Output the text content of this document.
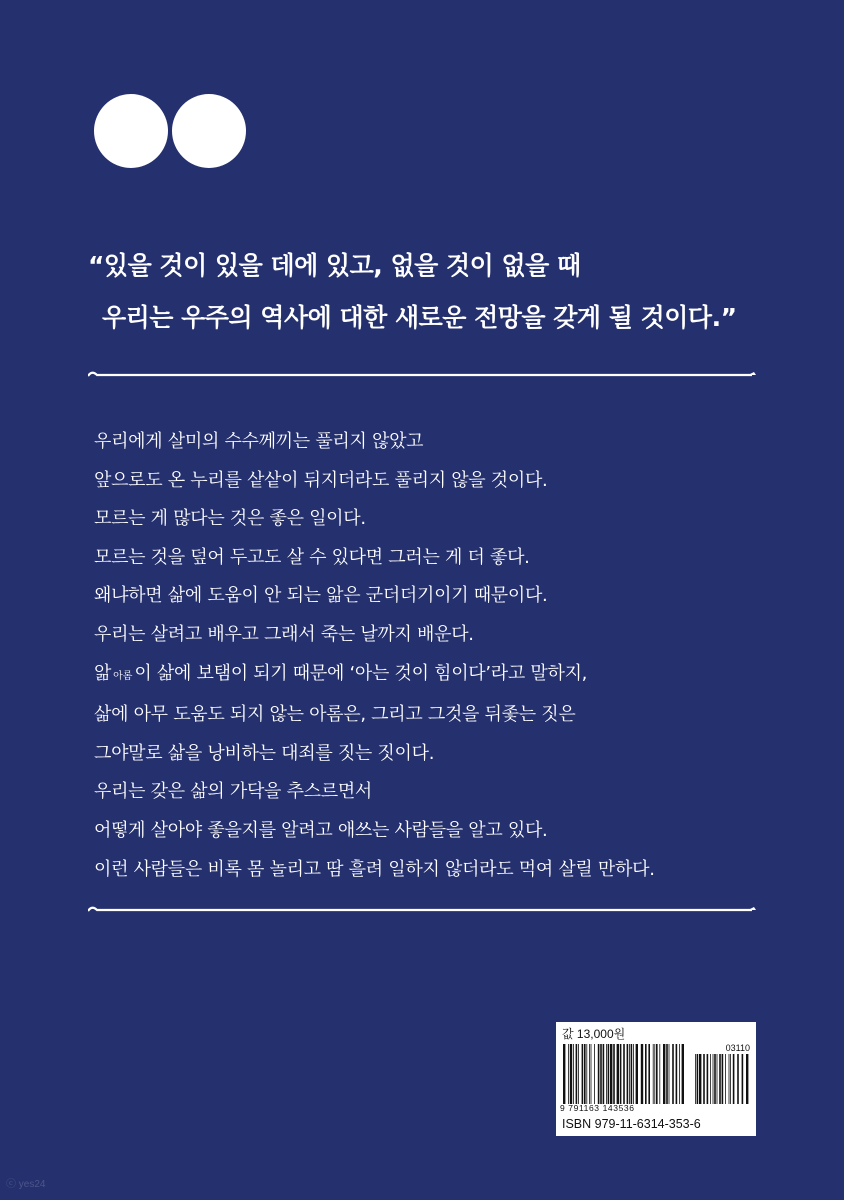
“있을 것이 있을 데에 있고, 없을 것이 없을 때
우리는 우주의 역사에 대한 새로운 전망을 갖게 될 것이다.”
우리에게 살미의 수수께끼는 풀리지 않았고
앞으로도 온 누리를 샅샅이 뒤지더라도 풀리지 않을 것이다.
모르는 게 많다는 것은 좋은 일이다.
모르는 것을 덮어 두고도 살 수 있다면 그러는 게 더 좋다.
왜냐하면 삶에 도움이 안 되는 앎은 군더더기이기 때문이다.
우리는 살려고 배우고 그래서 죽는 날까지 배운다.
앎아롬 이 삶에 보탬이 되기 때문에 ‘아는 것이 힘이다’라고 말하지,
삶에 아무 도움도 되지 않는 아롬은, 그리고 그것을 뒤좇는 짓은
그야말로 삶을 낭비하는 대죄를 짓는 짓이다.
우리는 갖은 삶의 가닥을 추스르면서
어떻게 살아야 좋을지를 알려고 애쓰는 사람들을 알고 있다.
이런 사람들은 비록 몸 놀리고 땀 흘려 일하지 않더라도 먹여 살릴 만하다.
값 13,000원
03110
9 791163 143536
ISBN 979-11-6314-353-6
ⓒ yes24
